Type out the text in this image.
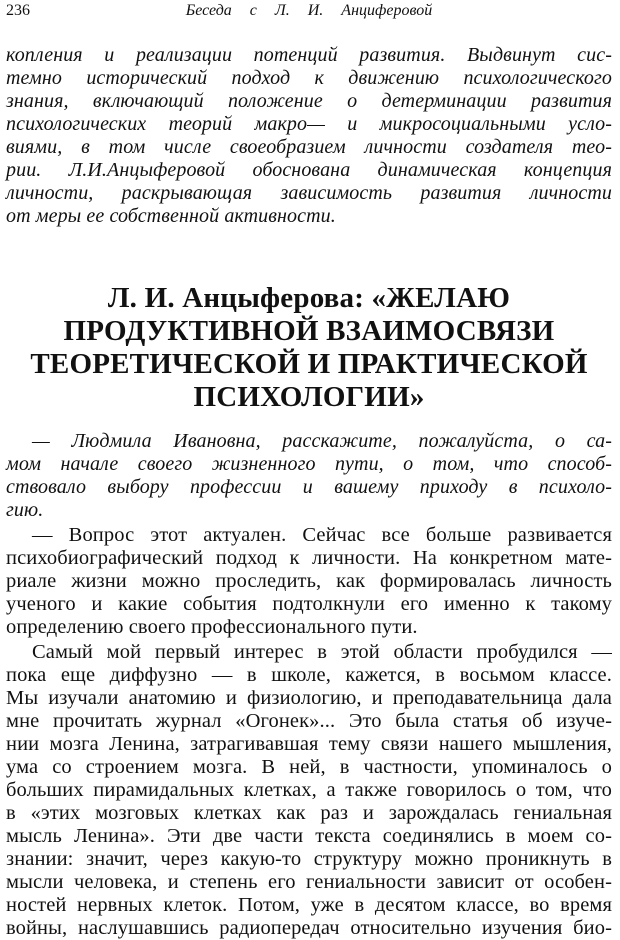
236	Беседа с Л. И. Анциферовой
копления и реализации потенций развития. Выдвинут сис-
темно исторический подход к движению психологического
знания, включающий положение о детерминации развития
психологических теорий макро— и микросоциальными усло-
виями, в том числе своеобразием личности создателя тео-
рии. Л.И.Анцыферовой обоснована динамическая концепция
личности, раскрывающая зависимость развития личности
от меры ее собственной активности.
Л. И. Анцыферова: «ЖЕЛАЮ
ПРОДУКТИВНОЙ ВЗАИМОСВЯЗИ
ТЕОРЕТИЧЕСКОЙ И ПРАКТИЧЕСКОЙ
ПСИХОЛОГИИ»
— Людмила Ивановна, расскажите, пожалуйста, о са-
мом начале своего жизненного пути, о том, что способ-
ствовало выбору профессии и вашему приходу в психоло-
гию.
— Вопрос этот актуален. Сейчас все больше развивается
психобиографический подход к личности. На конкретном мате-
риале жизни можно проследить, как формировалась личность
ученого и какие события подтолкнули его именно к такому
определению своего профессионального пути.
Самый мой первый интерес в этой области пробудился —
пока еще диффузно — в школе, кажется, в восьмом классе.
Мы изучали анатомию и физиологию, и преподавательница дала
мне прочитать журнал «Огонек»... Это была статья об изуче-
нии мозга Ленина, затрагивавшая тему связи нашего мышления,
ума со строением мозга. В ней, в частности, упоминалось о
больших пирамидальных клетках, а также говорилось о том, что
в «этих мозговых клетках как раз и зарождалась гениальная
мысль Ленина». Эти две части текста соединялись в моем со-
знании: значит, через какую-то структуру можно проникнуть в
мысли человека, и степень его гениальности зависит от особен-
ностей нервных клеток. Потом, уже в десятом классе, во время
войны, наслушавшись радиопередач относительно изучения био-
